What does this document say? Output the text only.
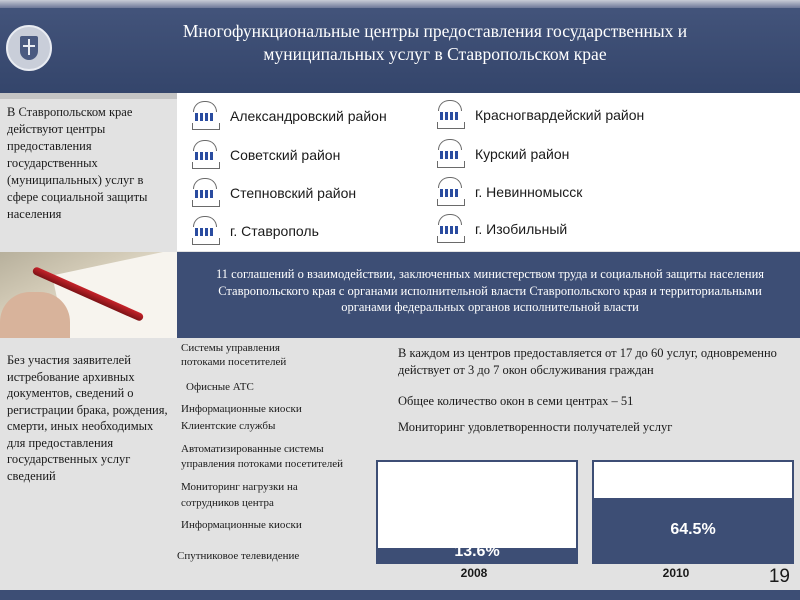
Многофункциональные центры предоставления государственных и
муниципальных услуг в Ставропольском крае
В Ставропольском крае действуют центры предоставления государственных (муниципальных) услуг в сфере социальной защиты населения
Александровский район
Советский район
Степновский район
г. Ставрополь
Красногвардейский район
Курский район
г. Невинномысск
г. Изобильный
11 соглашений о взаимодействии, заключенных министерством труда и социальной защиты населения Ставропольского края с органами исполнительной власти Ставропольского края и территориальными органами федеральных органов исполнительной власти
Без участия заявителей истребование архивных документов, сведений о регистрации брака, рождения, смерти, иных необходимых для предоставления государственных услуг сведений
Системы управления
потоками посетителей
Офисные АТС
Информационные киоски
Клиентские службы
Автоматизированные системы
управления потоками посетителей
Мониторинг нагрузки на
сотрудников центра
Информационные киоски
Спутниковое телевидение
В каждом из центров предоставляется от 17 до 60 услуг, одновременно действует от 3 до 7 окон обслуживания граждан
Общее количество окон в семи центрах – 51
Мониторинг удовлетворенности получателей услуг
13.6%
2008
64.5%
2010	19
